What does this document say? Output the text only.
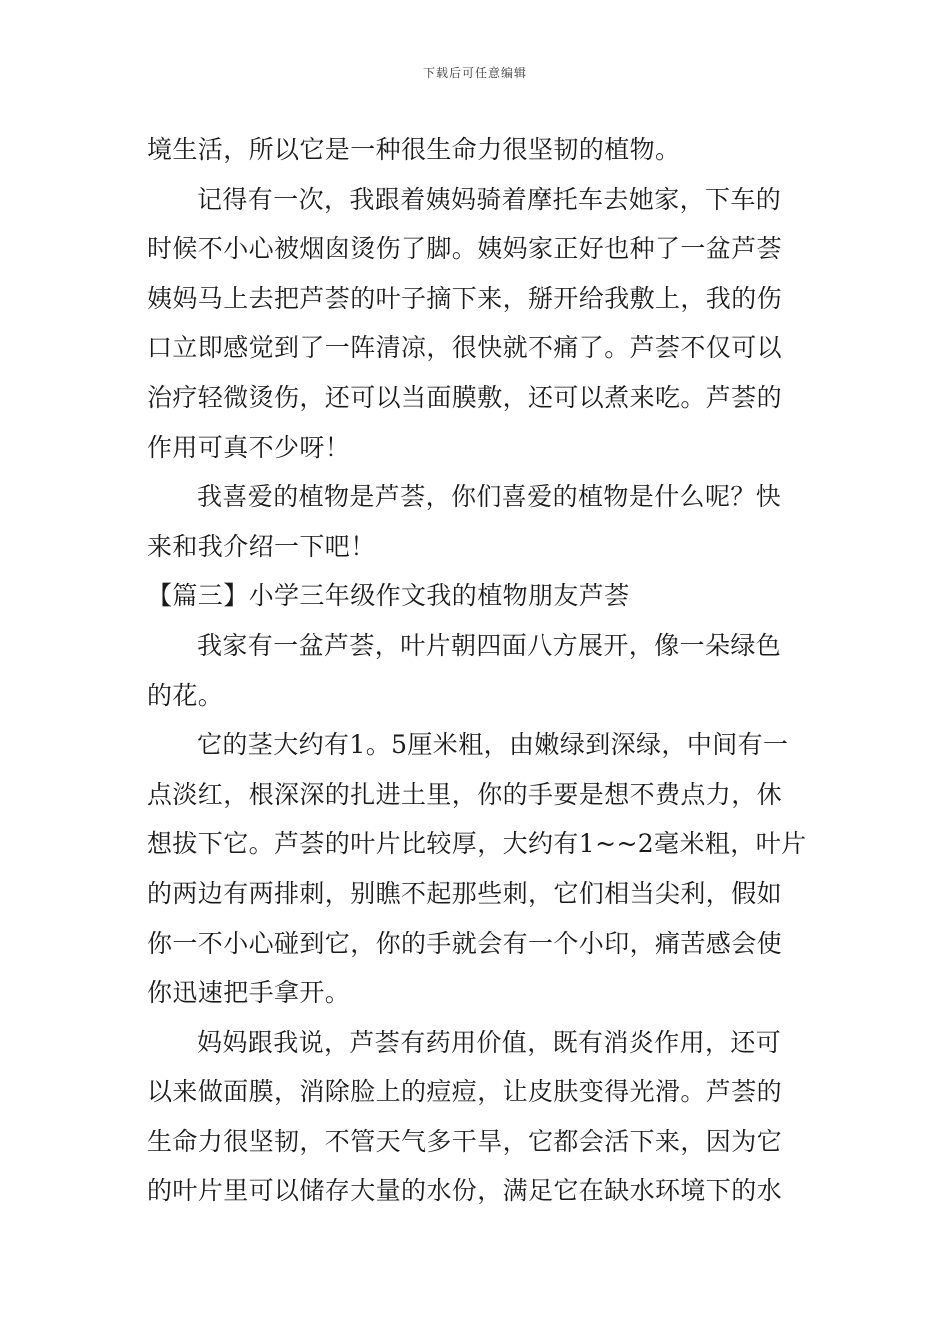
下载后可任意编辑
境生活，所以它是一种很生命力很坚韧的植物。
记得有一次，我跟着姨妈骑着摩托车去她家，下车的
时候不小心被烟囱烫伤了脚。姨妈家正好也种了一盆芦荟
姨妈马上去把芦荟的叶子摘下来，掰开给我敷上，我的伤
口立即感觉到了一阵清凉，很快就不痛了。芦荟不仅可以
治疗轻微烫伤，还可以当面膜敷，还可以煮来吃。芦荟的
作用可真不少呀！
我喜爱的植物是芦荟，你们喜爱的植物是什么呢？快
来和我介绍一下吧！
【篇三】小学三年级作文我的植物朋友芦荟
我家有一盆芦荟，叶片朝四面八方展开，像一朵绿色
的花。
它的茎大约有1。5厘米粗，由嫩绿到深绿，中间有一
点淡红，根深深的扎进土里，你的手要是想不费点力，休
想拔下它。芦荟的叶片比较厚，大约有1~~2毫米粗，叶片
的两边有两排刺，别瞧不起那些刺，它们相当尖利，假如
你一不小心碰到它，你的手就会有一个小印，痛苦感会使
你迅速把手拿开。
妈妈跟我说，芦荟有药用价值，既有消炎作用，还可
以来做面膜，消除脸上的痘痘，让皮肤变得光滑。芦荟的
生命力很坚韧，不管天气多干旱，它都会活下来，因为它
的叶片里可以储存大量的水份，满足它在缺水环境下的水
